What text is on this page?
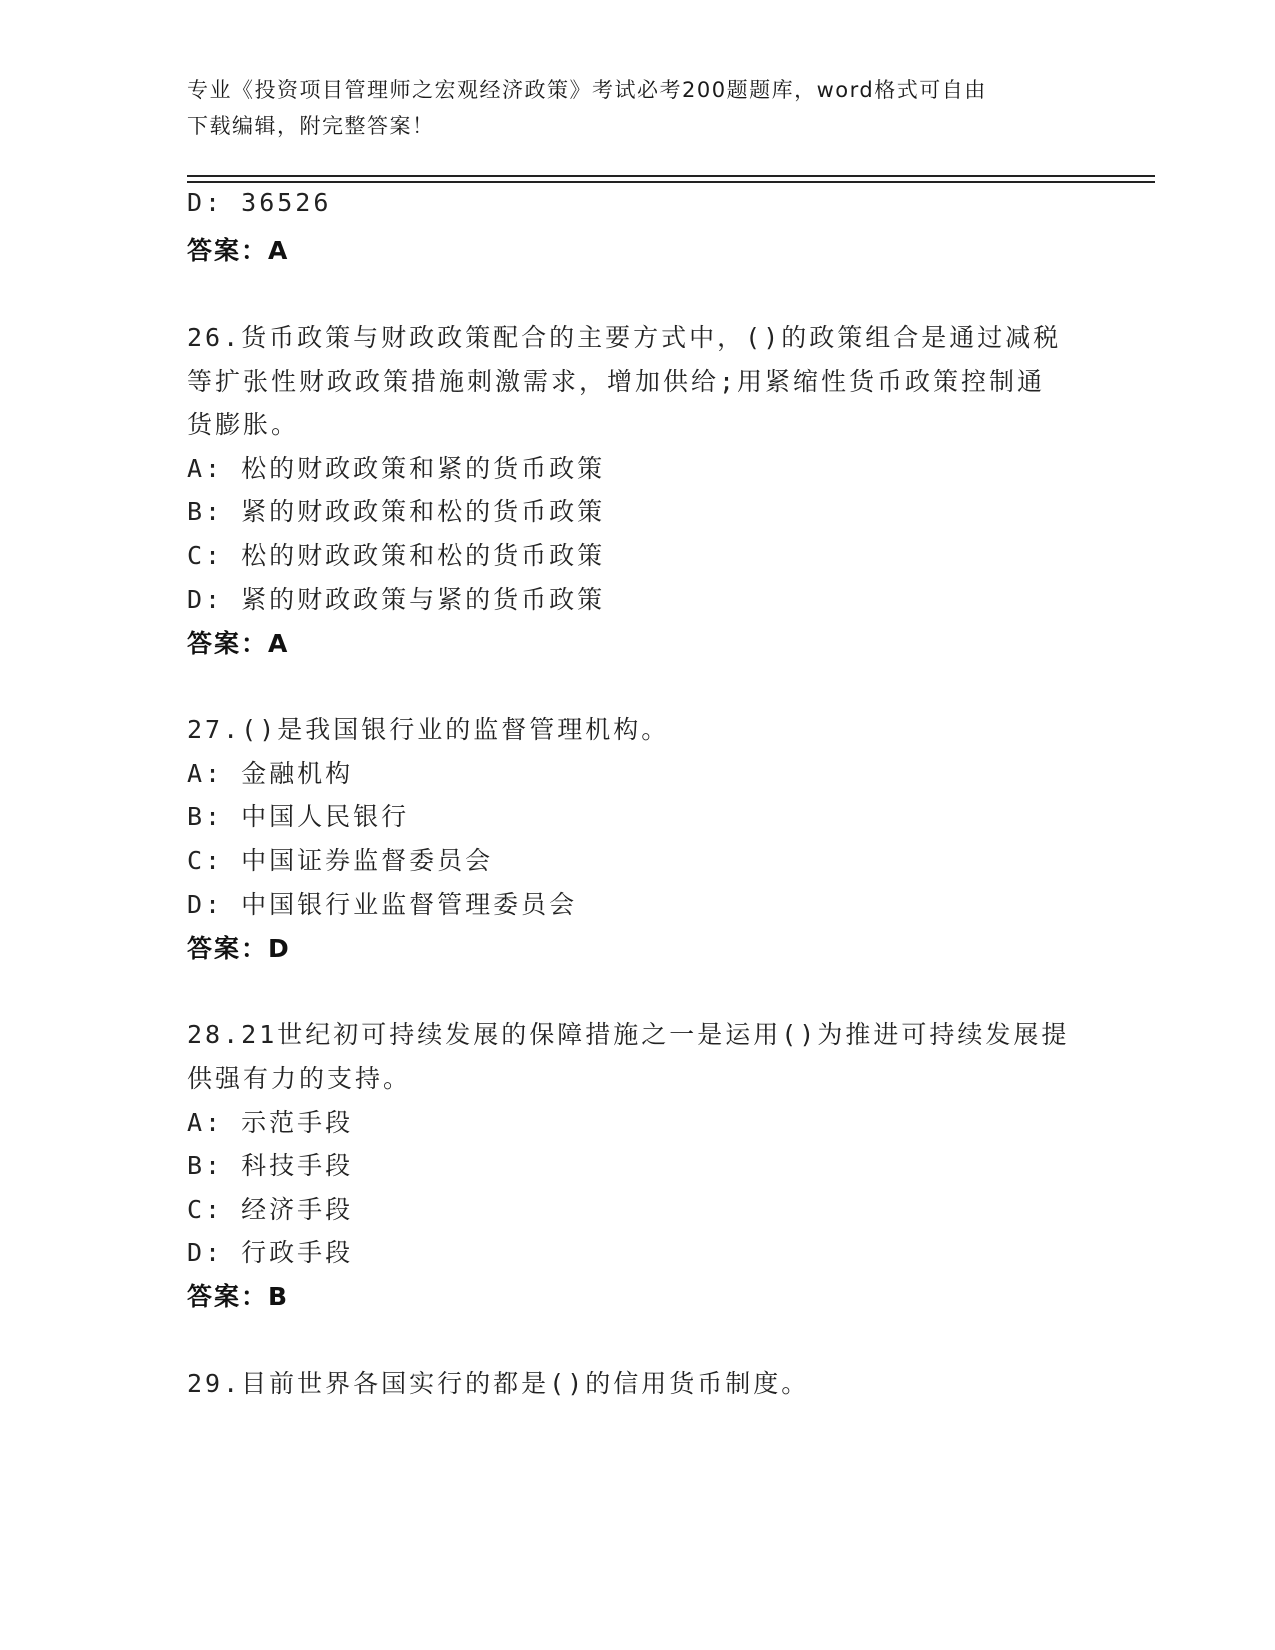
专业《投资项目管理师之宏观经济政策》考试必考200题题库，word格式可自由
下载编辑，附完整答案！
D: 36526
答案：A
26.货币政策与财政政策配合的主要方式中，()的政策组合是通过减税
等扩张性财政政策措施刺激需求，增加供给;用紧缩性货币政策控制通
货膨胀。
A: 松的财政政策和紧的货币政策
B: 紧的财政政策和松的货币政策
C: 松的财政政策和松的货币政策
D: 紧的财政政策与紧的货币政策
答案：A
27.()是我国银行业的监督管理机构。
A: 金融机构
B: 中国人民银行
C: 中国证券监督委员会
D: 中国银行业监督管理委员会
答案：D
28.21世纪初可持续发展的保障措施之一是运用()为推进可持续发展提
供强有力的支持。
A: 示范手段
B: 科技手段
C: 经济手段
D: 行政手段
答案：B
29.目前世界各国实行的都是()的信用货币制度。
